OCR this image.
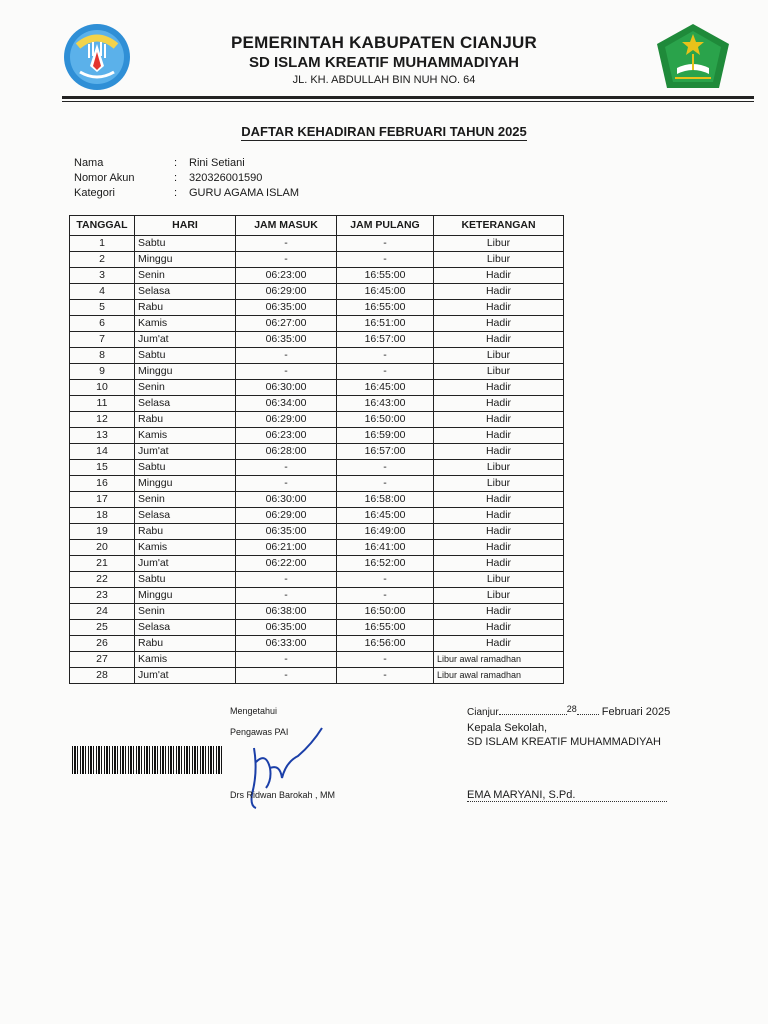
PEMERINTAH KABUPATEN CIANJUR
SD ISLAM KREATIF MUHAMMADIYAH
JL. KH. ABDULLAH BIN NUH NO. 64
DAFTAR KEHADIRAN FEBRUARI TAHUN 2025
Nama	: Rini Setiani
Nomor Akun	: 320326001590
Kategori	: GURU AGAMA ISLAM
TANGGAL	HARI	JAM MASUK	JAM PULANG	KETERANGAN
1	Sabtu	-	-	Libur
2	Minggu	-	-	Libur
3	Senin	06:23:00	16:55:00	Hadir
4	Selasa	06:29:00	16:45:00	Hadir
5	Rabu	06:35:00	16:55:00	Hadir
6	Kamis	06:27:00	16:51:00	Hadir
7	Jum'at	06:35:00	16:57:00	Hadir
8	Sabtu	-	-	Libur
9	Minggu	-	-	Libur
10	Senin	06:30:00	16:45:00	Hadir
11	Selasa	06:34:00	16:43:00	Hadir
12	Rabu	06:29:00	16:50:00	Hadir
13	Kamis	06:23:00	16:59:00	Hadir
14	Jum'at	06:28:00	16:57:00	Hadir
15	Sabtu	-	-	Libur
16	Minggu	-	-	Libur
17	Senin	06:30:00	16:58:00	Hadir
18	Selasa	06:29:00	16:45:00	Hadir
19	Rabu	06:35:00	16:49:00	Hadir
20	Kamis	06:21:00	16:41:00	Hadir
21	Jum'at	06:22:00	16:52:00	Hadir
22	Sabtu	-	-	Libur
23	Minggu	-	-	Libur
24	Senin	06:38:00	16:50:00	Hadir
25	Selasa	06:35:00	16:55:00	Hadir
26	Rabu	06:33:00	16:56:00	Hadir
27	Kamis	-	-	Libur awal ramadhan
28	Jum'at	-	-	Libur awal ramadhan
Mengetahui
Pengawas PAI
Drs Ridwan Barokah , MM
Cianjur	28 Februari 2025
Kepala Sekolah,
SD ISLAM KREATIF MUHAMMADIYAH
EMA MARYANI, S.Pd.
